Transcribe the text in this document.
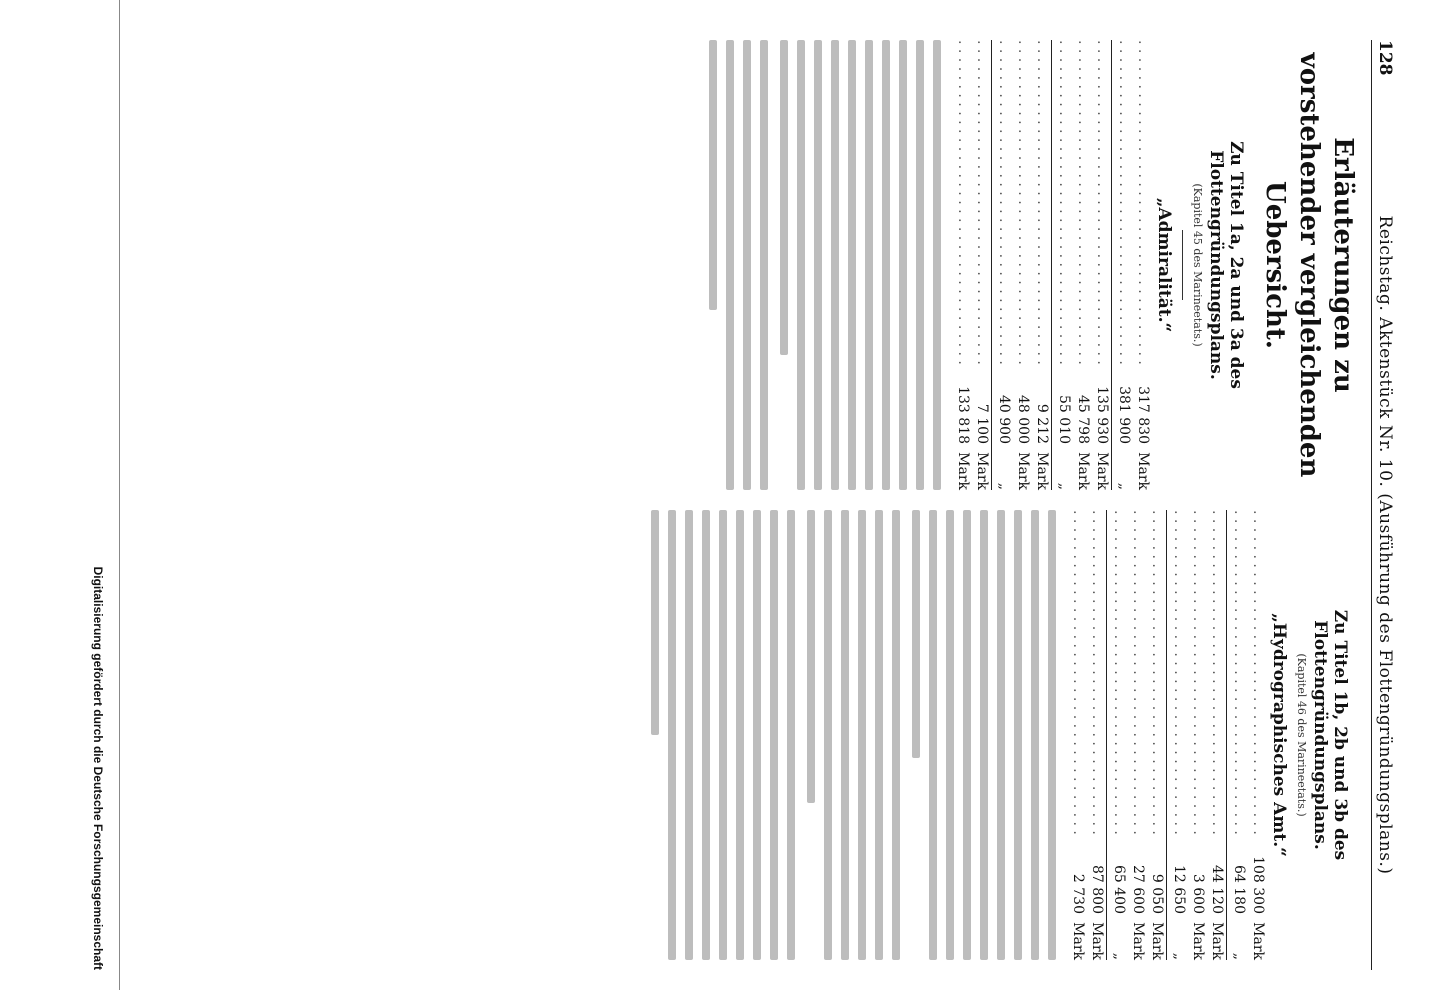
128
Reichstag. Aktenstück Nr. 10. (Ausführung des Flottengründungsplans.)
Erläuterungen zu vorstehender vergleichenden Uebersicht.
Zu Titel 1a, 2a und 3a des Flottengründungsplans.
(Kapitel 45 des Marineetats.)
„Admiralität.“
. . .
317 830
Mark
. . .
381 900
„
. . .
135 930
Mark
. . .
45 798
Mark
. . .
55 010
„
. . .
9 212
Mark
. . .
48 000
Mark
. . .
40 900
„
. . .
7 100
Mark
. . .
133 818
Mark
Zu Titel 1b, 2b und 3b des Flottengründungsplans.
(Kapitel 46 des Marineetats.)
„Hydrographisches Amt.“
. . .
108 300
Mark
. . .
64 180
„
. . .
44 120
Mark
. . .
3 600
Mark
. . .
12 650
„
. . .
9 050
Mark
. . .
27 600
Mark
. . .
65 400
„
. . .
87 800
Mark
. . .
2 730
Mark
Digitalisierung gefördert durch die Deutsche Forschungsgemeinschaft
